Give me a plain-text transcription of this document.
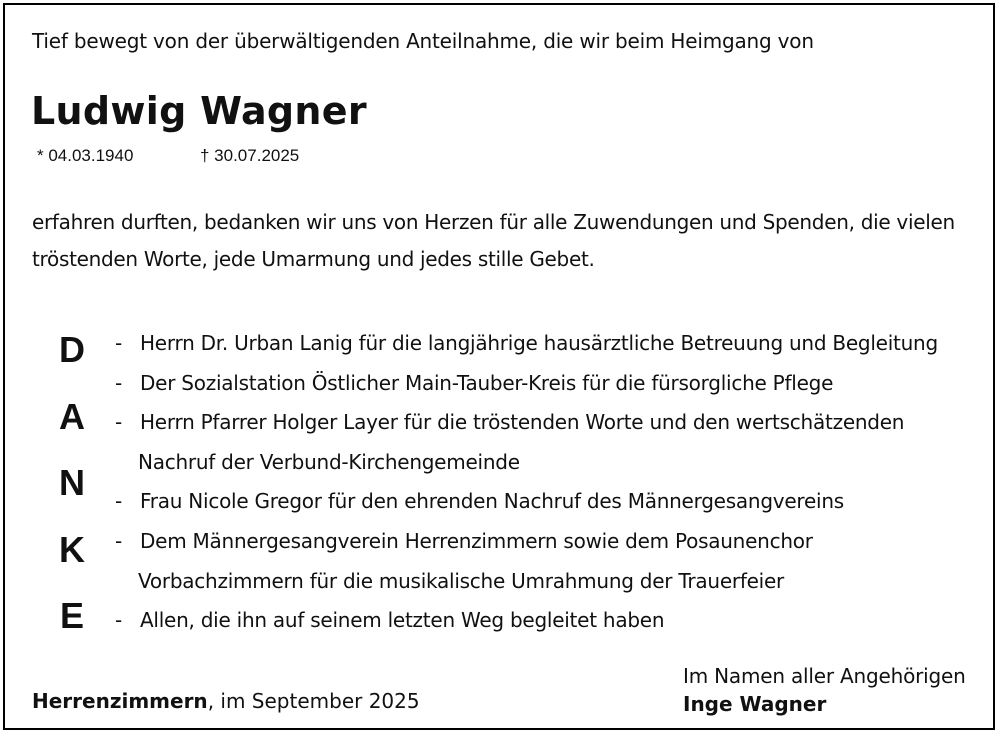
Tief bewegt von der überwältigenden Anteilnahme, die wir beim Heimgang von
Ludwig Wagner
* 04.03.1940	† 30.07.2025
erfahren durften, bedanken wir uns von Herzen für alle Zuwendungen und Spenden, die vielen
tröstenden Worte, jede Umarmung und jedes stille Gebet.
D
A
N
K
E
- Herrn Dr. Urban Lanig für die langjährige hausärztliche Betreuung und Begleitung
- Der Sozialstation Östlicher Main-Tauber-Kreis für die fürsorgliche Pflege
- Herrn Pfarrer Holger Layer für die tröstenden Worte und den wertschätzenden
Nachruf der Verbund-Kirchengemeinde
- Frau Nicole Gregor für den ehrenden Nachruf des Männergesangvereins
- Dem Männergesangverein Herrenzimmern sowie dem Posaunenchor
Vorbachzimmern für die musikalische Umrahmung der Trauerfeier
- Allen, die ihn auf seinem letzten Weg begleitet haben
Herrenzimmern, im September 2025
Im Namen aller Angehörigen
Inge Wagner
